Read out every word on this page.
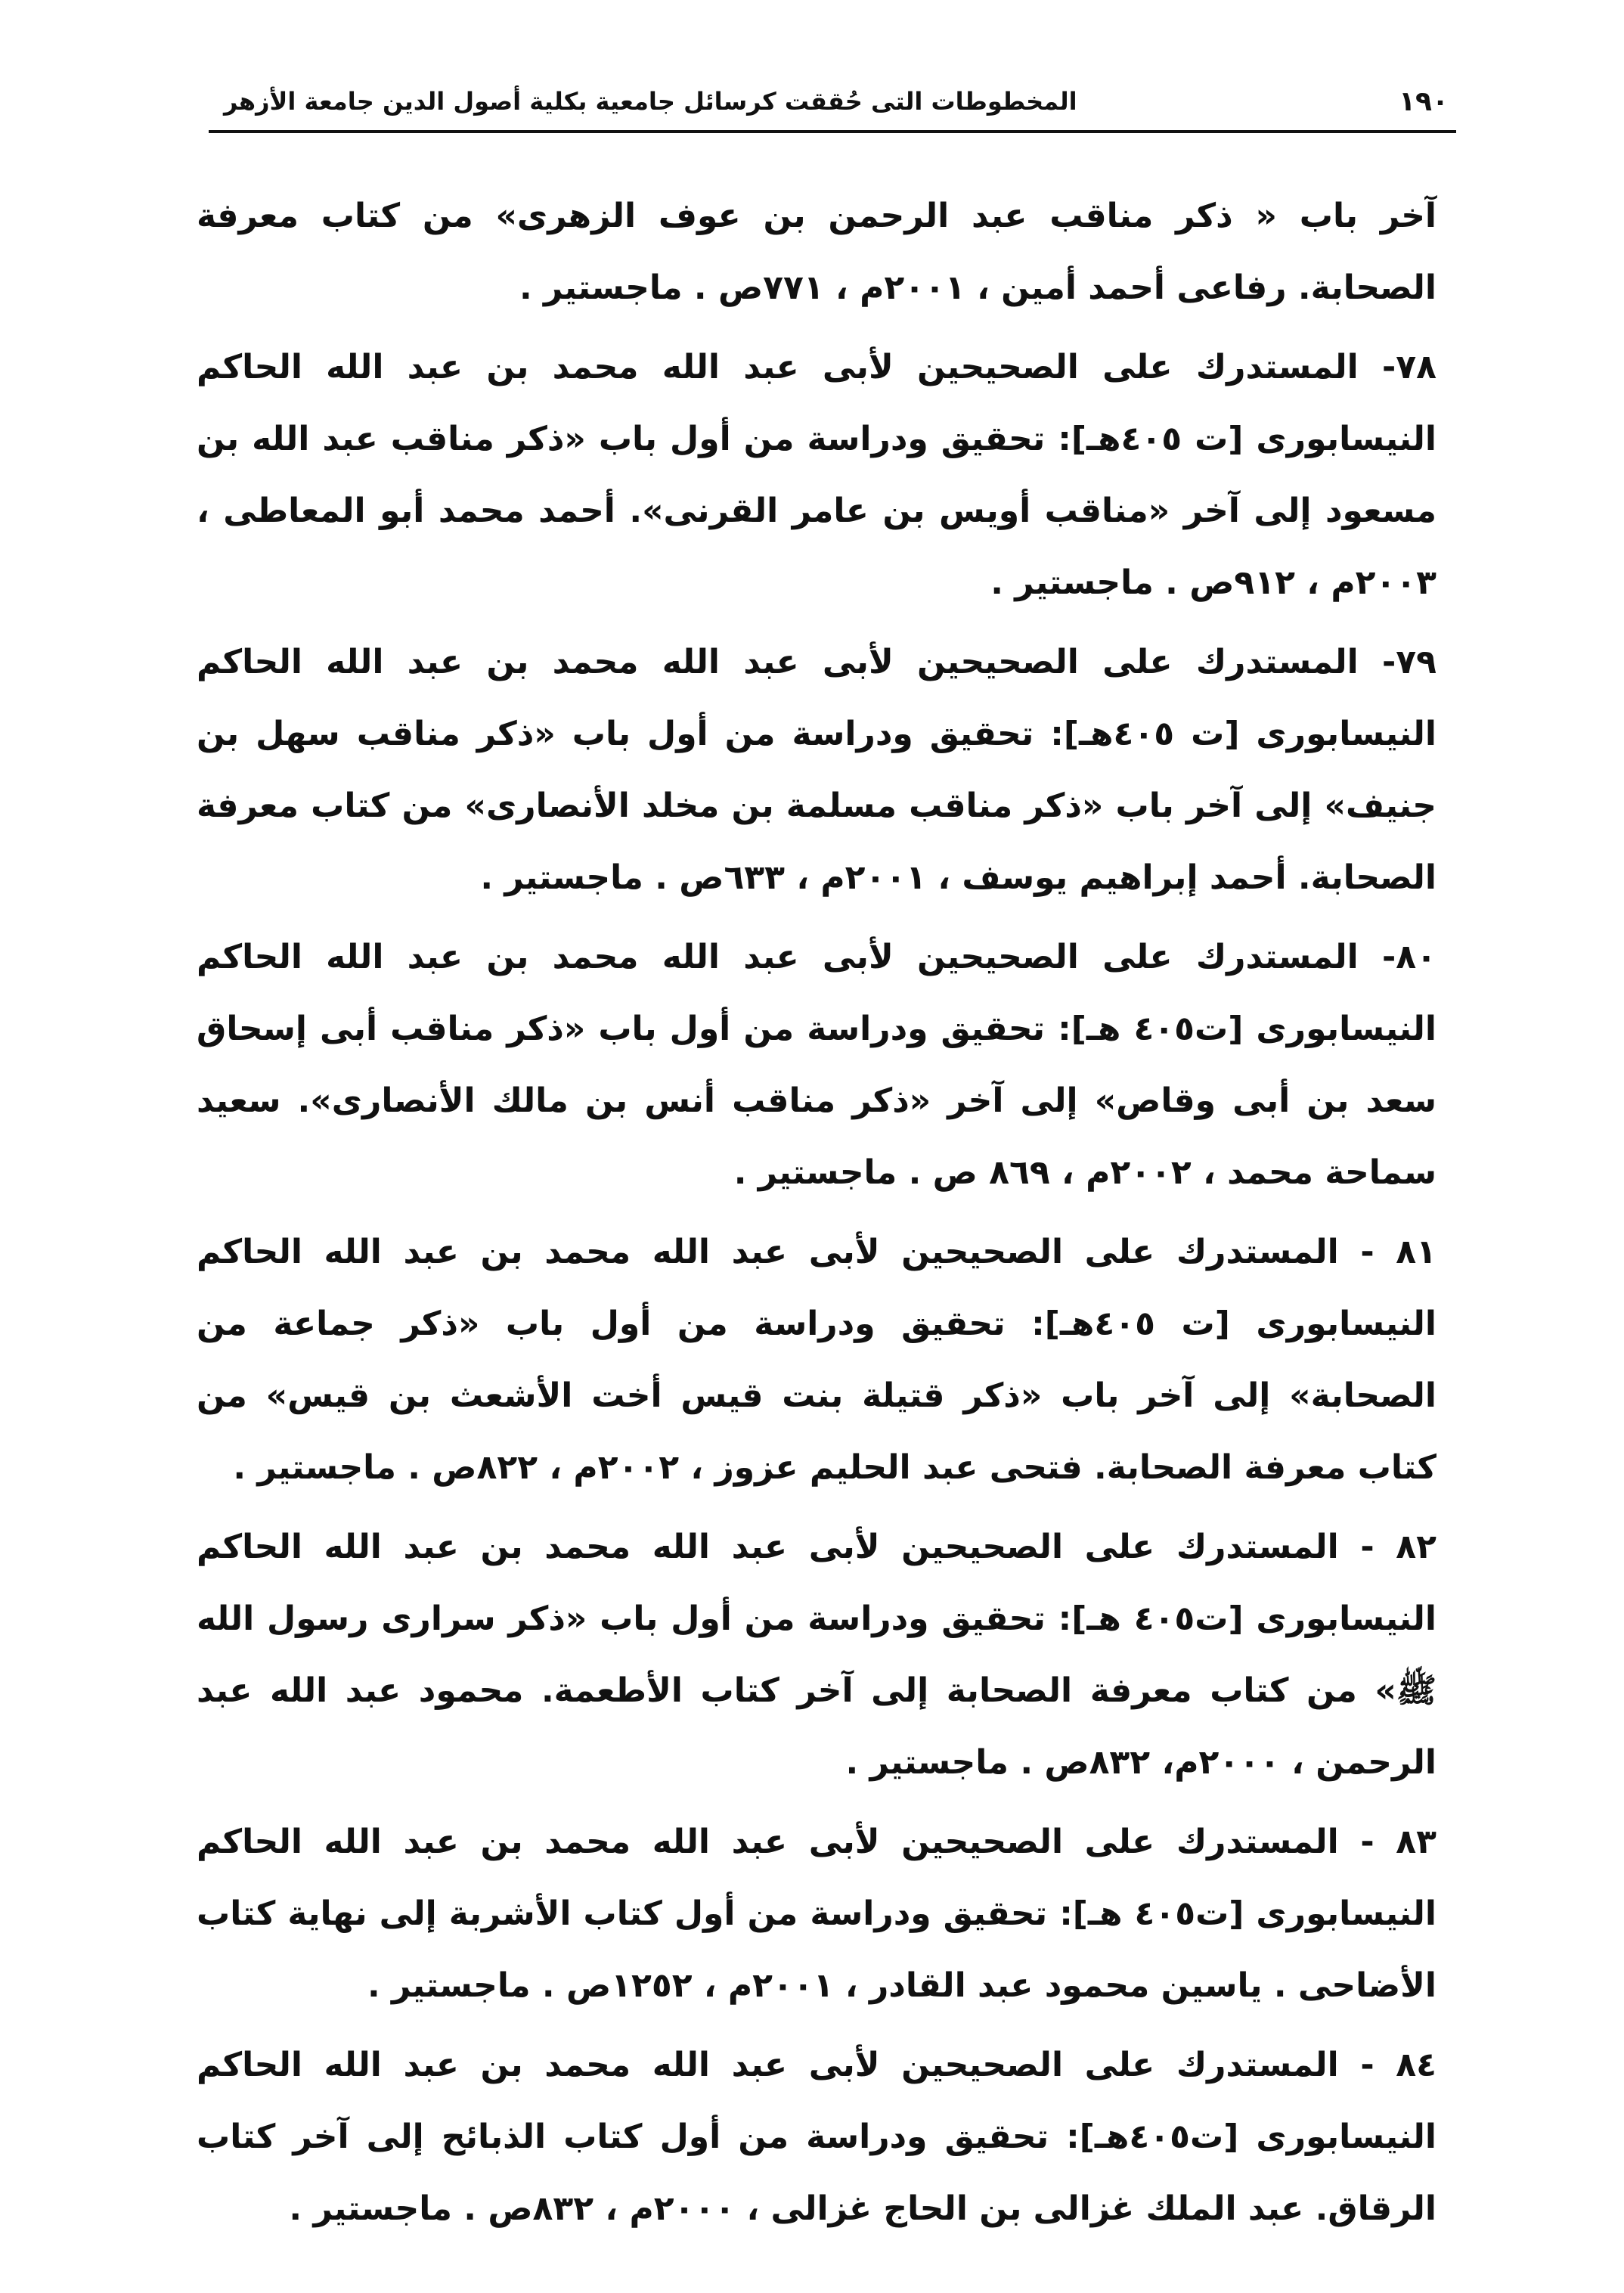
١٩٠
المخطوطات التى حُققت كرسائل جامعية بكلية أصول الدين جامعة الأزهر

آخر باب « ذكر مناقب عبد الرحمن بن عوف الزهرى» من كتاب معرفة الصحابة. رفاعى أحمد أمين ، ٢٠٠١م ، ٧٧١ص . ماجستير .

٧٨- المستدرك على الصحيحين لأبى عبد الله محمد بن عبد الله الحاكم النيسابورى [ت ٤٠٥هـ]: تحقيق ودراسة من أول باب «ذكر مناقب عبد الله بن مسعود إلى آخر «مناقب أويس بن عامر القرنى». أحمد محمد أبو المعاطى ، ٢٠٠٣م ، ٩١٢ص . ماجستير .

٧٩- المستدرك على الصحيحين لأبى عبد الله محمد بن عبد الله الحاكم النيسابورى [ت ٤٠٥هـ]: تحقيق ودراسة من أول باب «ذكر مناقب سهل بن جنيف» إلى آخر باب «ذكر مناقب مسلمة بن مخلد الأنصارى» من كتاب معرفة الصحابة. أحمد إبراهيم يوسف ، ٢٠٠١م ، ٦٣٣ص . ماجستير .

٨٠- المستدرك على الصحيحين لأبى عبد الله محمد بن عبد الله الحاكم النيسابورى [ت٤٠٥ هـ]: تحقيق ودراسة من أول باب «ذكر مناقب أبى إسحاق سعد بن أبى وقاص» إلى آخر «ذكر مناقب أنس بن مالك الأنصارى». سعيد سماحة محمد ، ٢٠٠٢م ، ٨٦٩ ص . ماجستير .

٨١ - المستدرك على الصحيحين لأبى عبد الله محمد بن عبد الله الحاكم النيسابورى [ت ٤٠٥هـ]: تحقيق ودراسة من أول باب «ذكر جماعة من الصحابة» إلى آخر باب «ذكر قتيلة بنت قيس أخت الأشعث بن قيس» من كتاب معرفة الصحابة. فتحى عبد الحليم عزوز ، ٢٠٠٢م ، ٨٢٢ص . ماجستير .

٨٢ - المستدرك على الصحيحين لأبى عبد الله محمد بن عبد الله الحاكم النيسابورى [ت٤٠٥ هـ]: تحقيق ودراسة من أول باب «ذكر سرارى رسول الله ﷺ» من كتاب معرفة الصحابة إلى آخر كتاب الأطعمة. محمود عبد الله عبد الرحمن ، ٢٠٠٠م، ٨٣٢ص . ماجستير .

٨٣ - المستدرك على الصحيحين لأبى عبد الله محمد بن عبد الله الحاكم النيسابورى [ت٤٠٥ هـ]: تحقيق ودراسة من أول كتاب الأشربة إلى نهاية كتاب الأضاحى . ياسين محمود عبد القادر ، ٢٠٠١م ، ١٢٥٢ص . ماجستير .

٨٤ - المستدرك على الصحيحين لأبى عبد الله محمد بن عبد الله الحاكم النيسابورى [ت٤٠٥هـ]: تحقيق ودراسة من أول كتاب الذبائح إلى آخر كتاب الرقاق. عبد الملك غزالى بن الحاج غزالى ، ٢٠٠٠م ، ٨٣٢ص . ماجستير .
